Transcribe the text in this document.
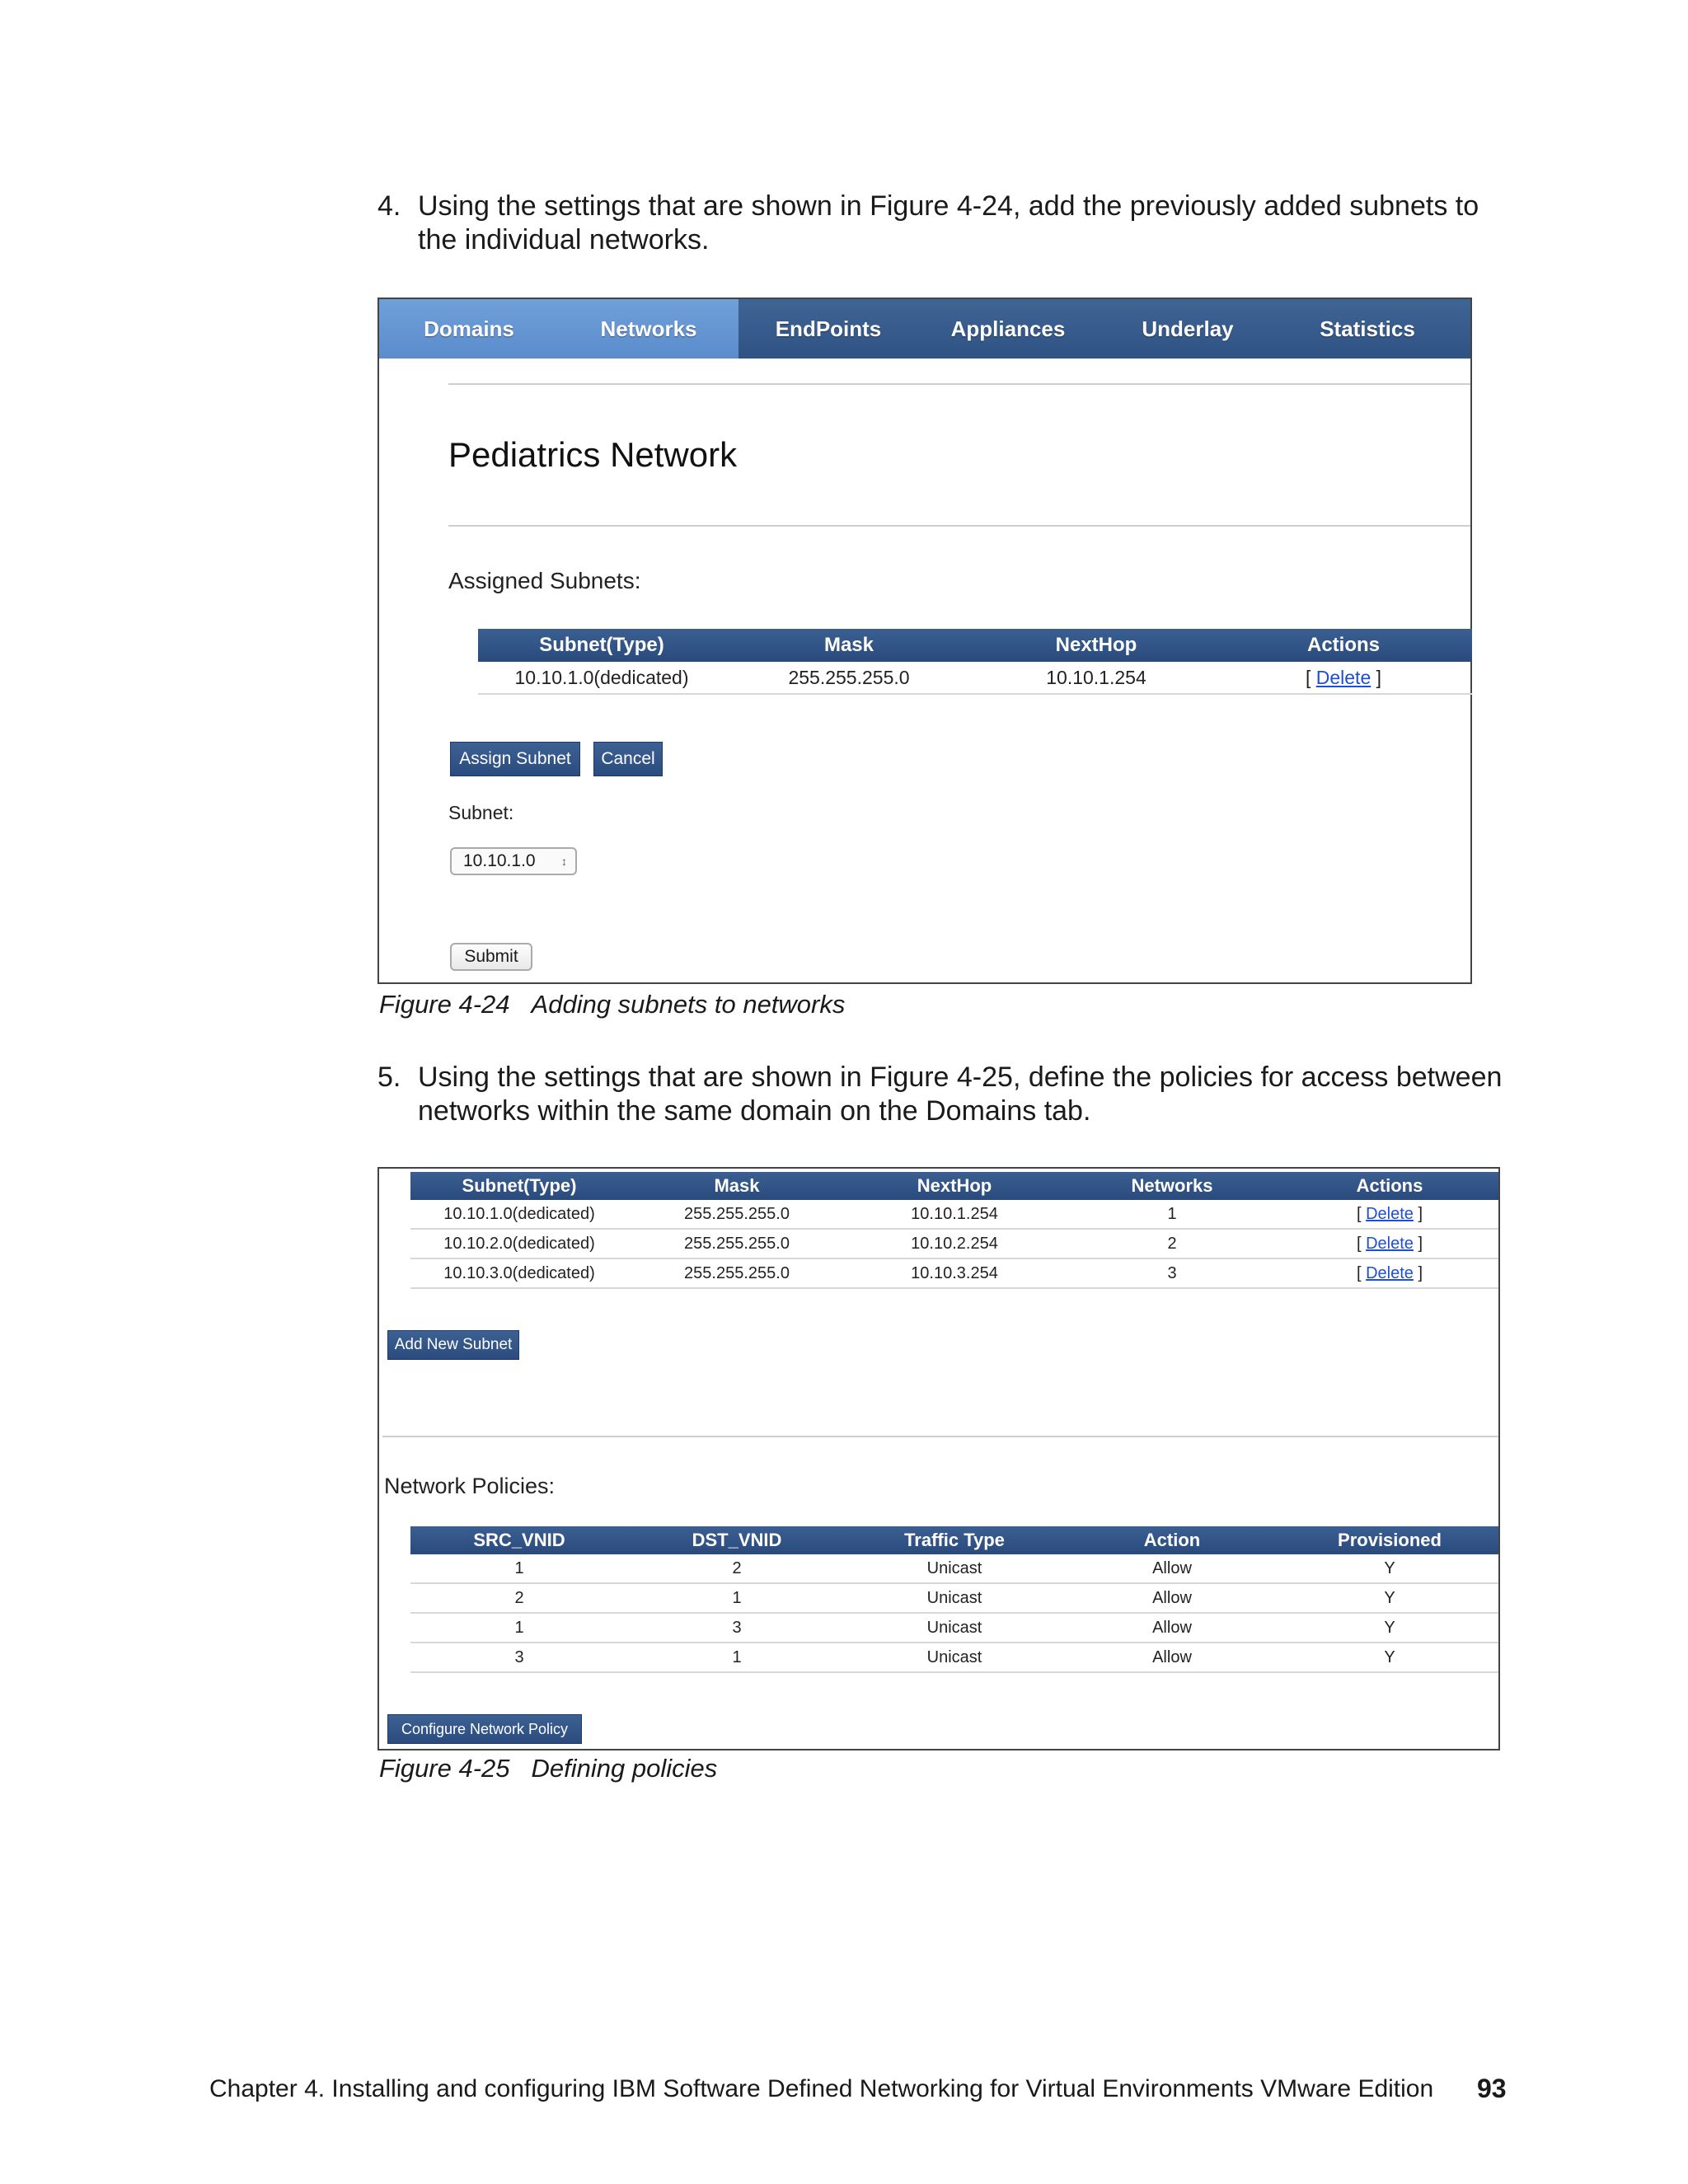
4. Using the settings that are shown in Figure 4-24, add the previously added subnets to the individual networks.
Domains	Networks	EndPoints	Appliances	Underlay	Statistics
Pediatrics Network
Assigned Subnets:
Subnet(Type)	Mask	NextHop	Actions
10.10.1.0(dedicated)	255.255.255.0	10.10.1.254	[ Delete ]
Assign Subnet	Cancel
Subnet:
10.10.1.0 ↕
Submit
Figure 4-24 Adding subnets to networks
5. Using the settings that are shown in Figure 4-25, define the policies for access between networks within the same domain on the Domains tab.
Subnet(Type)	Mask	NextHop	Networks	Actions
10.10.1.0(dedicated)	255.255.255.0	10.10.1.254	1	[ Delete ]
10.10.2.0(dedicated)	255.255.255.0	10.10.2.254	2	[ Delete ]
10.10.3.0(dedicated)	255.255.255.0	10.10.3.254	3	[ Delete ]
Add New Subnet
Network Policies:
SRC_VNID	DST_VNID	Traffic Type	Action	Provisioned
1	2	Unicast	Allow	Y
2	1	Unicast	Allow	Y
1	3	Unicast	Allow	Y
3	1	Unicast	Allow	Y
Configure Network Policy
Figure 4-25 Defining policies
Chapter 4. Installing and configuring IBM Software Defined Networking for Virtual Environments VMware Edition 93
